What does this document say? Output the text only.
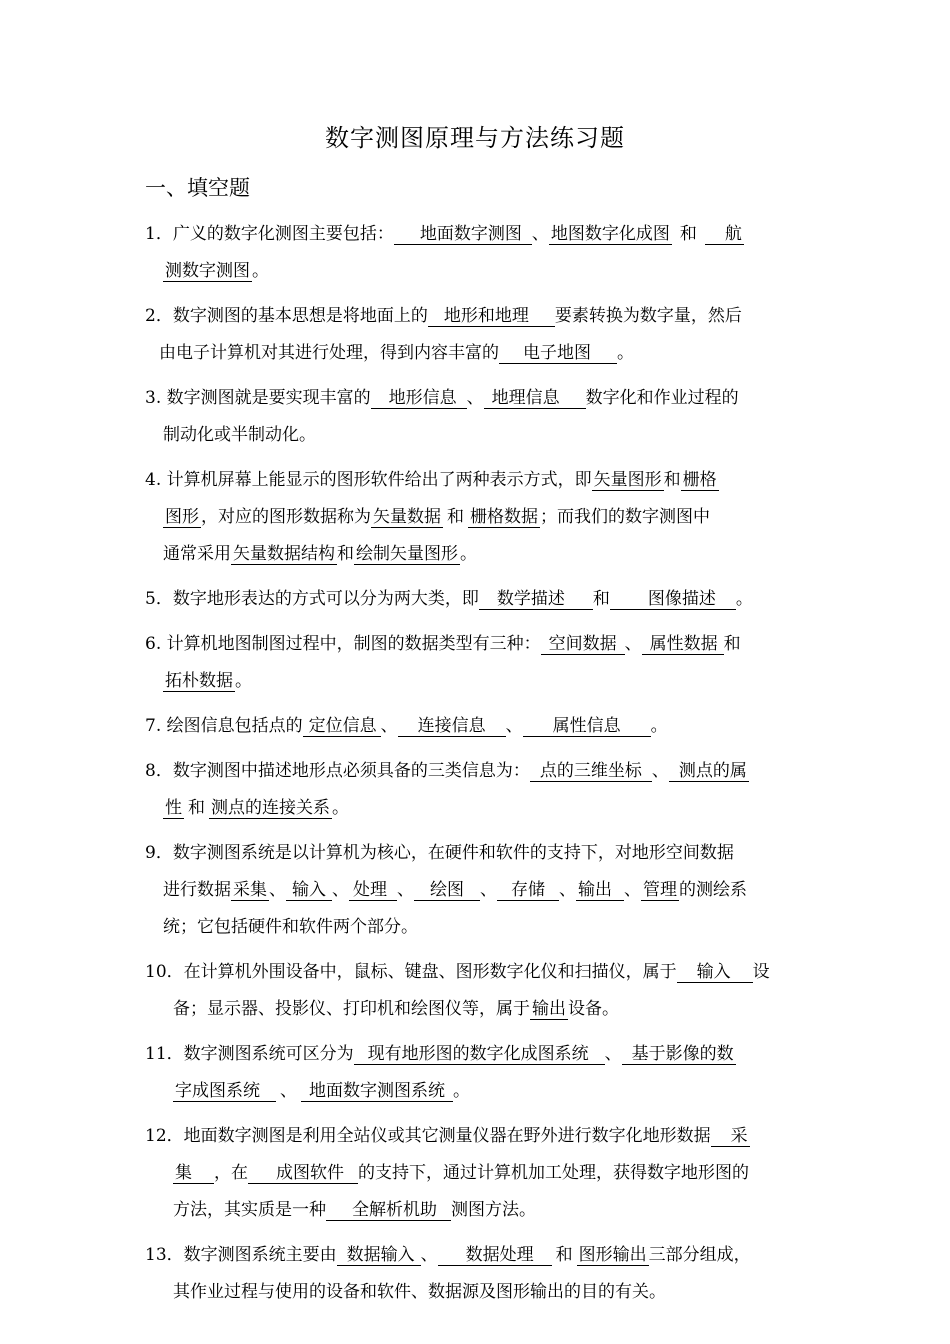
数字测图原理与方法练习题
一、填空题
1．广义的数字化测图主要包括： 地面数字测图 、 地图数字化成图 和 航
测数字测图 。
2．数字测图的基本思想是将地面上的 地形和地理 要素转换为数字量，然后
由电子计算机对其进行处理，得到内容丰富的 电子地图 。
3. 数字测图就是要实现丰富的 地形信息 、 地理信息 数字化和作业过程的
制动化或半制动化。
4. 计算机屏幕上能显示的图形软件给出了两种表示方式，即 矢量图形 和 栅格
图形 ，对应的图形数据称为 矢量数据 和 栅格数据 ；而我们的数字测图中
通常采用 矢量数据结构 和 绘制矢量图形 。
5．数字地形表达的方式可以分为两大类，即 数学描述 和 图像描述 。
6. 计算机地图制图过程中，制图的数据类型有三种： 空间数据 、 属性数据 和
拓朴数据 。
7. 绘图信息包括点的 定位信息 、 连接信息 、 属性信息 。
8．数字测图中描述地形点必须具备的三类信息为： 点的三维坐标 、 测点的属
性 和 测点的连接关系 。
9．数字测图系统是以计算机为核心，在硬件和软件的支持下，对地形空间数据
进行数据 采集 、 输入 、 处理 、 绘图 、 存储 、 输出 、 管理 的测绘系
统；它包括硬件和软件两个部分。
10．在计算机外围设备中，鼠标、键盘、图形数字化仪和扫描仪，属于 输入 设
备；显示器、投影仪、打印机和绘图仪等，属于 输出 设备。
11．数字测图系统可区分为 现有地形图的数字化成图系统 、 基于影像的数
字成图系统 、 地面数字测图系统 。
12．地面数字测图是利用全站仪或其它测量仪器在野外进行数字化地形数据 采
集 ，在 成图软件 的支持下，通过计算机加工处理，获得数字地形图的
方法，其实质是一种 全解析机助 测图方法。
13．数字测图系统主要由 数据输入 、 数据处理 和 图形输出 三部分组成，
其作业过程与使用的设备和软件、数据源及图形输出的目的有关。
